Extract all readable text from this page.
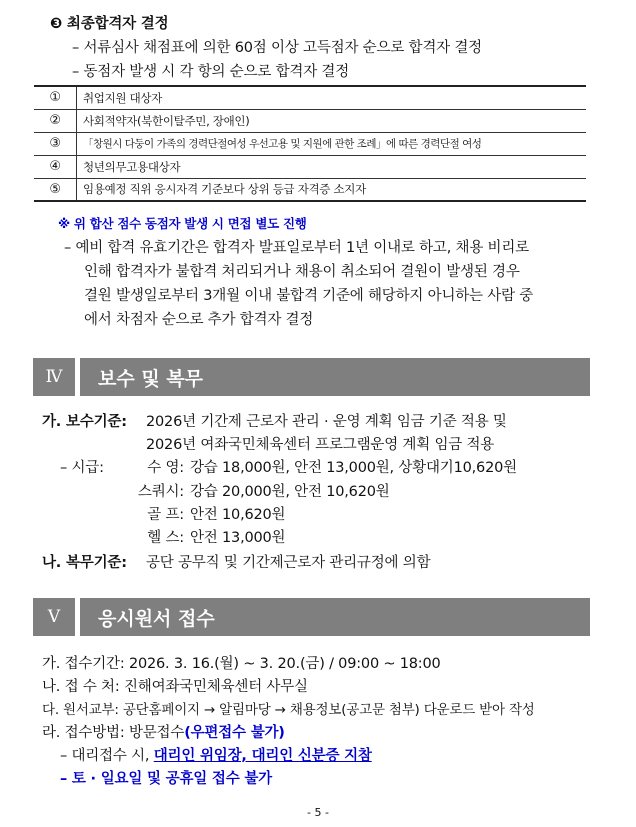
❸ 최종합격자 결정
– 서류심사 채점표에 의한 60점 이상 고득점자 순으로 합격자 결정
– 동점자 발생 시 각 항의 순으로 합격자 결정
①	취업지원 대상자
②	사회적약자(북한이탈주민, 장애인)
③	「창원시 다둥이 가족의 경력단절여성 우선고용 및 지원에 관한 조례」에 따른 경력단절 여성
④	청년의무고용대상자
⑤	임용예정 직위 응시자격 기준보다 상위 등급 자격증 소지자
※ 위 합산 점수 동점자 발생 시 면접 별도 진행
– 예비 합격 유효기간은 합격자 발표일로부터 1년 이내로 하고, 채용 비리로
인해 합격자가 불합격 처리되거나 채용이 취소되어 결원이 발생된 경우
결원 발생일로부터 3개월 이내 불합격 기준에 해당하지 아니하는 사람 중
에서 차점자 순으로 추가 합격자 결정
Ⅳ	보수 및 복무
가. 보수기준: 2026년 기간제 근로자 관리 · 운영 계획 임금 기준 적용 및
2026년 여좌국민체육센터 프로그램운영 계획 임금 적용
– 시급:	수 영: 강습 18,000원, 안전 13,000원, 상황대기10,620원
스쿼시: 강습 20,000원, 안전 10,620원
골 프: 안전 10,620원
헬 스: 안전 13,000원
나. 복무기준: 공단 공무직 및 기간제근로자 관리규정에 의함
Ⅴ	응시원서 접수
가. 접수기간: 2026. 3. 16.(월) ~ 3. 20.(금) / 09:00 ~ 18:00
나. 접 수 처: 진해여좌국민체육센터 사무실
다. 원서교부: 공단홈페이지 → 알림마당 → 채용정보(공고문 첨부) 다운로드 받아 작성
라. 접수방법: 방문접수(우편접수 불가)
– 대리접수 시, 대리인 위임장, 대리인 신분증 지참
– 토 · 일요일 및 공휴일 접수 불가
- 5 -
